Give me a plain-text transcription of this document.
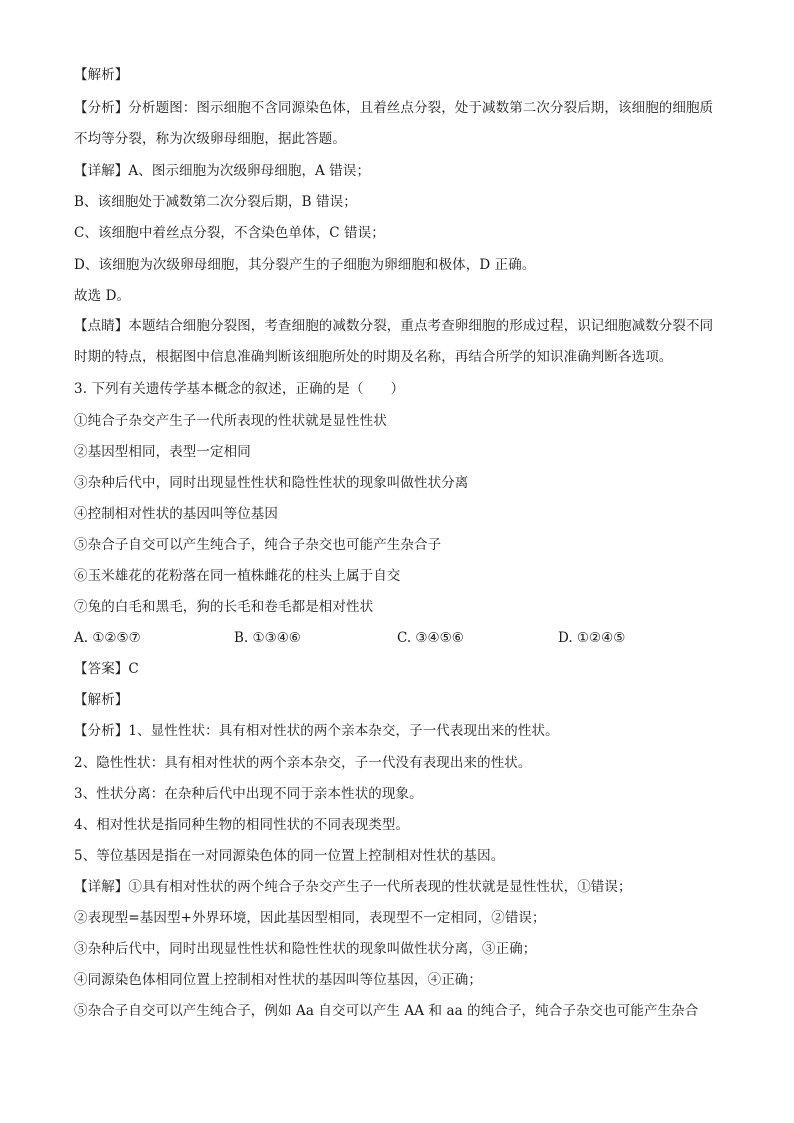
【解析】
【分析】分析题图：图示细胞不含同源染色体，且着丝点分裂，处于减数第二次分裂后期，该细胞的细胞质不均等分裂，称为次级卵母细胞，据此答题。
【详解】A、图示细胞为次级卵母细胞，A 错误；
B、该细胞处于减数第二次分裂后期，B 错误；
C、该细胞中着丝点分裂，不含染色单体，C 错误；
D、该细胞为次级卵母细胞，其分裂产生的子细胞为卵细胞和极体，D 正确。
故选 D。
【点睛】本题结合细胞分裂图，考查细胞的减数分裂，重点考查卵细胞的形成过程，识记细胞减数分裂不同时期的特点，根据图中信息准确判断该细胞所处的时期及名称，再结合所学的知识准确判断各选项。
3. 下列有关遗传学基本概念的叙述，正确的是（　　）
①纯合子杂交产生子一代所表现的性状就是显性性状
②基因型相同，表型一定相同
③杂种后代中，同时出现显性性状和隐性性状的现象叫做性状分离
④控制相对性状的基因叫等位基因
⑤杂合子自交可以产生纯合子，纯合子杂交也可能产生杂合子
⑥玉米雄花的花粉落在同一植株雌花的柱头上属于自交
⑦兔的白毛和黑毛，狗的长毛和卷毛都是相对性状
A. ①②⑤⑦	B. ①③④⑥	C. ③④⑤⑥	D. ①②④⑤
【答案】C
【解析】
【分析】1、显性性状：具有相对性状的两个亲本杂交，子一代表现出来的性状。
2、隐性性状：具有相对性状的两个亲本杂交，子一代没有表现出来的性状。
3、性状分离：在杂种后代中出现不同于亲本性状的现象。
4、相对性状是指同种生物的相同性状的不同表现类型。
5、等位基因是指在一对同源染色体的同一位置上控制相对性状的基因。
【详解】①具有相对性状的两个纯合子杂交产生子一代所表现的性状就是显性性状，①错误；
②表现型=基因型+外界环境，因此基因型相同，表现型不一定相同，②错误；
③杂种后代中，同时出现显性性状和隐性性状的现象叫做性状分离，③正确；
④同源染色体相同位置上控制相对性状的基因叫等位基因，④正确；
⑤杂合子自交可以产生纯合子，例如 Aa 自交可以产生 AA 和 aa 的纯合子，纯合子杂交也可能产生杂合
